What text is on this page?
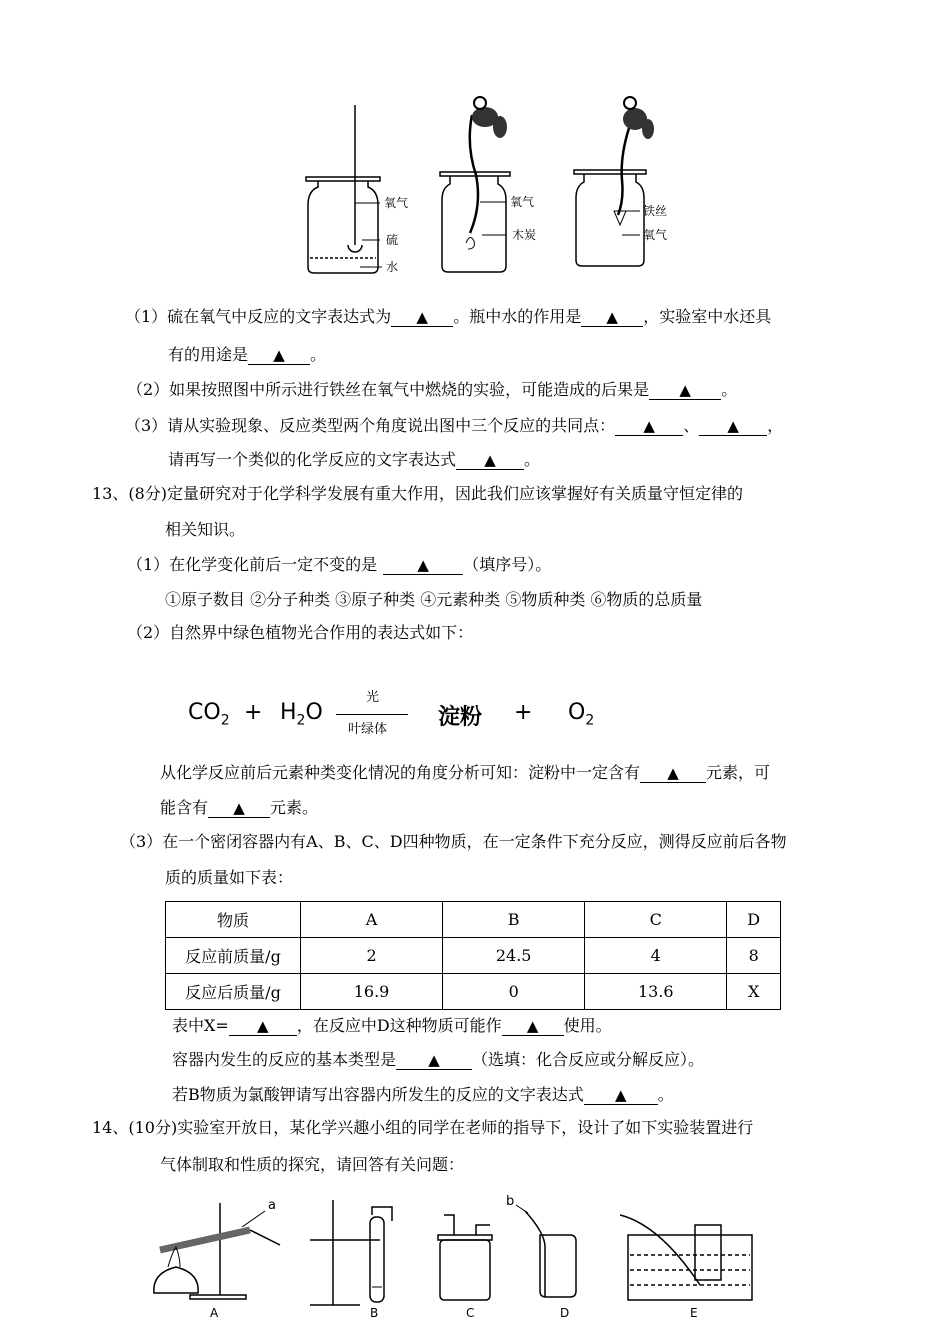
氧气
硫
水
氧气
木炭
铁丝
氧气
（1）硫在氧气中反应的文字表达式为 ▲ 。瓶中水的作用是 ▲ ，实验室中水还具
有的用途是 ▲ 。
（2）如果按照图中所示进行铁丝在氧气中燃烧的实验，可能造成的后果是 ▲ 。
（3）请从实验现象、反应类型两个角度说出图中三个反应的共同点： ▲ 、 ▲ ，
请再写一个类似的化学反应的文字表达式 ▲ 。
13、(8分)定量研究对于化学科学发展有重大作用，因此我们应该掌握好有关质量守恒定律的
相关知识。
（1）在化学变化前后一定不变的是	▲ （填序号）。
①原子数目 ②分子种类 ③原子种类 ④元素种类 ⑤物质种类 ⑥物质的总质量
（2）自然界中绿色植物光合作用的表达式如下：
$CO_2 + H_2O$
光
叶绿体 淀粉 + $O_2$
从化学反应前后元素种类变化情况的角度分析可知：淀粉中一定含有 ▲ 元素，可
能含有 ▲ 元素。
（3）在一个密闭容器内有A、B、C、D四种物质，在一定条件下充分反应，测得反应前后各物
质的质量如下表：
物质	A	B	C	D
反应前质量/g	2	24.5	4	8
反应后质量/g	16.9	0	13.6	X
表中X= ▲ ，在反应中D这种物质可能作 ▲ 使用。
容器内发生的反应的基本类型是 ▲ （选填：化合反应或分解反应）。
若B物质为氯酸钾请写出容器内所发生的反应的文字表达式 ▲ 。
14、(10分)实验室开放日，某化学兴趣小组的同学在老师的指导下，设计了如下实验装置进行
气体制取和性质的探究，请回答有关问题：
a	b
A	B	C	D	E
